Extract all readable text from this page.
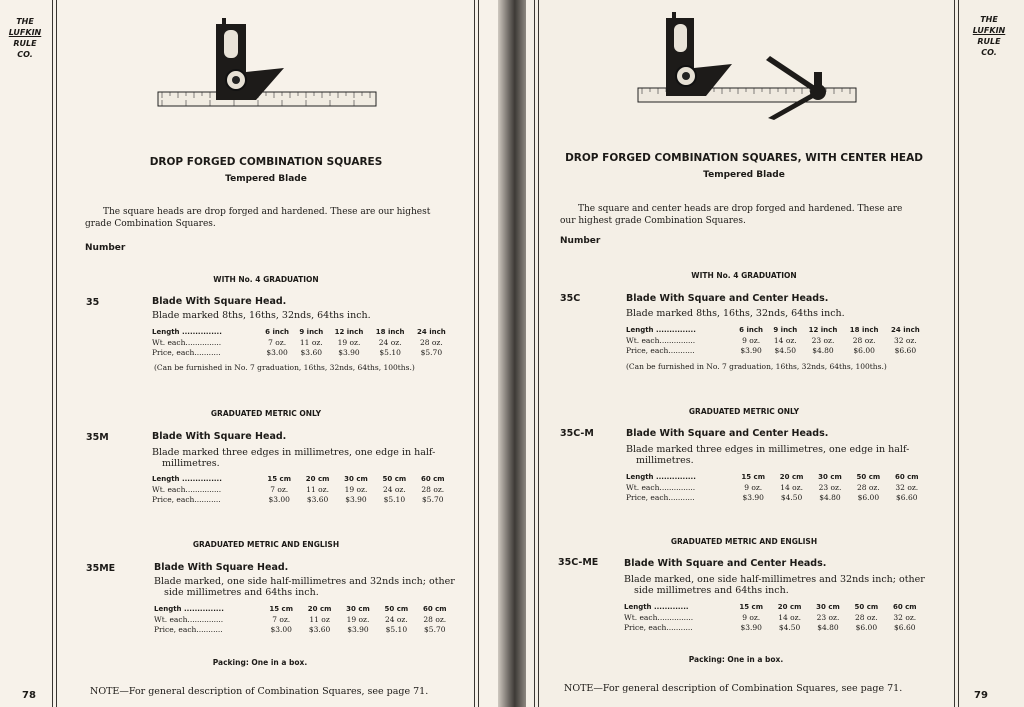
THE
LUFKIN
RULE
CO.
DROP FORGED COMBINATION SQUARES
Tempered Blade
The square heads are drop forged and hardened. These are our highest
grade Combination Squares.
Number
WITH No. 4 GRADUATION
35	Blade With Square Head.
Blade marked 8ths, 16ths, 32nds, 64ths inch.
Length ...............	6 inch	9 inch	12 inch	18 inch	24 inch
Wt. each...............	7 oz.	11 oz.	19 oz.	24 oz.	28 oz.
Price, each...........	$3.00	$3.60	$3.90	$5.10	$5.70
(Can be furnished in No. 7 graduation, 16ths, 32nds, 64ths, 100ths.)
GRADUATED METRIC ONLY
35M	Blade With Square Head.
Blade marked three edges in millimetres, one edge in half-
millimetres.
Length ...............	15 cm	20 cm	30 cm	50 cm	60 cm
Wt. each...............	7 oz.	11 oz.	19 oz.	24 oz.	28 oz.
Price, each...........	$3.00	$3.60	$3.90	$5.10	$5.70
GRADUATED METRIC AND ENGLISH
35ME	Blade With Square Head.
Blade marked, one side half-millimetres and 32nds inch; other
side millimetres and 64ths inch.
Length ...............	15 cm	20 cm	30 cm	50 cm	60 cm
Wt. each...............	7 oz.	11 oz	19 oz.	24 oz.	28 oz.
Price, each...........	$3.00	$3.60	$3.90	$5.10	$5.70
Packing: One in a box.
NOTE—For general description of Combination Squares, see page 71.
78
THE
LUFKIN
RULE
CO.
DROP FORGED COMBINATION SQUARES, WITH CENTER HEAD
Tempered Blade
The square and center heads are drop forged and hardened. These are
our highest grade Combination Squares.
Number
WITH No. 4 GRADUATION
35C	Blade With Square and Center Heads.
Blade marked 8ths, 16ths, 32nds, 64ths inch.
Length ...............	6 inch	9 inch	12 inch	18 inch	24 inch
Wt. each...............	9 oz.	14 oz.	23 oz.	28 oz.	32 oz.
Price, each...........	$3.90	$4.50	$4.80	$6.00	$6.60
(Can be furnished in No. 7 graduation, 16ths, 32nds, 64ths, 100ths.)
GRADUATED METRIC ONLY
35C-M	Blade With Square and Center Heads.
Blade marked three edges in millimetres, one edge in half-
millimetres.
Length ...............	15 cm	20 cm	30 cm	50 cm	60 cm
Wt. each...............	9 oz.	14 oz.	23 oz.	28 oz.	32 oz.
Price, each...........	$3.90	$4.50	$4.80	$6.00	$6.60
GRADUATED METRIC AND ENGLISH
35C-ME	Blade With Square and Center Heads.
Blade marked, one side half-millimetres and 32nds inch; other
side millimetres and 64ths inch.
Length .............	15 cm	20 cm	30 cm	50 cm	60 cm
Wt. each...............	9 oz.	14 oz.	23 oz.	28 oz.	32 oz.
Price, each...........	$3.90	$4.50	$4.80	$6.00	$6.60
Packing: One in a box.
NOTE—For general description of Combination Squares, see page 71.
79
